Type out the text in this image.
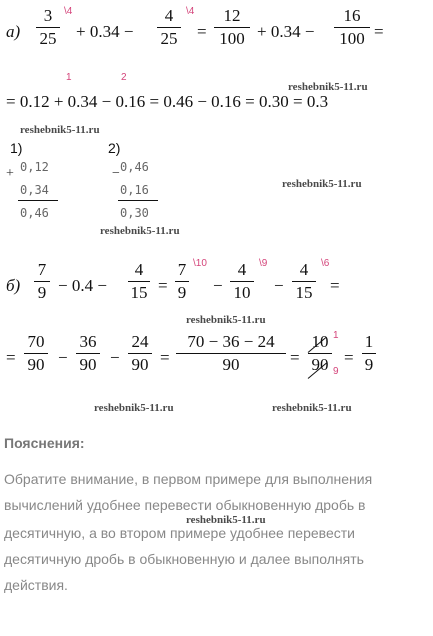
а)
3
25
\4
+ 0.34 −
4
25
\4
=
12
100 + 0.34 −
16
100 =
1	2
reshebnik5-11.ru
= 0.12 + 0.34 − 0.16 = 0.46 − 0.16 = 0.30 = 0.3
reshebnik5-11.ru
1)
+ 0,12
0,34
0,46
2)
− 0,46
0,16
0,30
reshebnik5-11.ru
reshebnik5-11.ru
б)
7
9 − 0.4 −
4
15 =
7
9
\10
−
4
10
\9
−
4
15
\6
=
reshebnik5-11.ru
=
70
90 −
36
90 −
24
90 =
70 − 36 − 24
90	=
10
90
1
9
=
1
9
reshebnik5-11.ru	reshebnik5-11.ru
Пояснения:
Обратите внимание, в первом примере для выполнения
вычислений удобнее перевести обыкновенную дробь в
reshebnik5-11.ru
десятичную, а во втором примере удобнее перевести
десятичную дробь в обыкновенную и далее выполнять
действия.
